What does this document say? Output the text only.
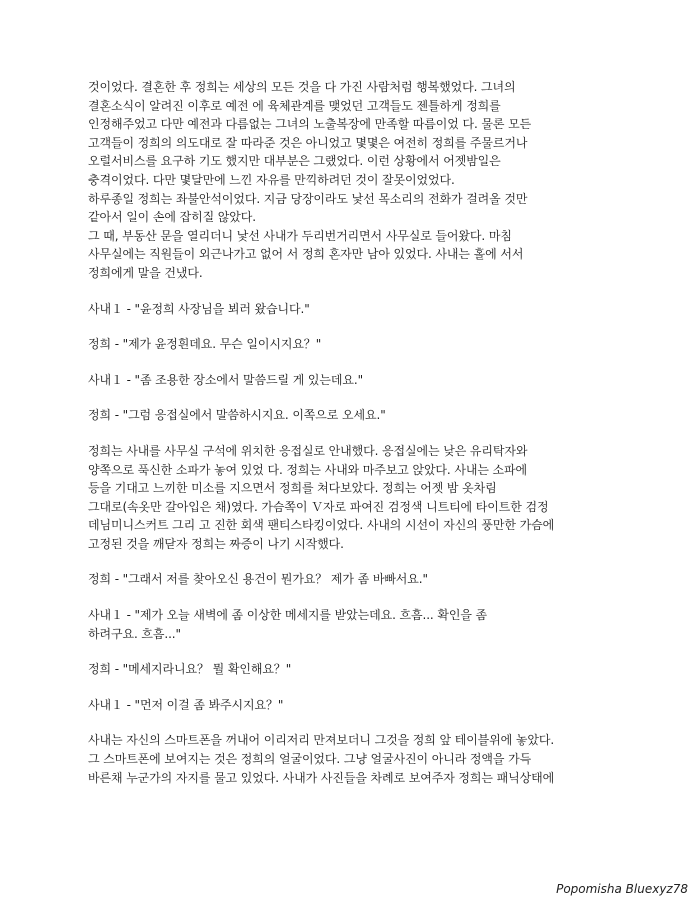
것이었다. 결혼한 후 정희는 세상의 모든 것을 다 가진 사람처럼 행복했었다. 그녀의
결혼소식이 알려진 이후로 예전 에 육체관계를 맺었던 고객들도 젠틀하게 정희를
인정해주었고 다만 예전과 다름없는 그녀의 노출복장에 만족할 따름이었 다. 물론 모든
고객들이 정희의 의도대로 잘 따라준 것은 아니었고 몇몇은 여전히 정희를 주물르거나
오럴서비스를 요구하 기도 했지만 대부분은 그랬었다. 이런 상황에서 어젯밤일은
충격이었다. 다만 몇달만에 느낀 자유를 만끽하려던 것이 잘못이었었다.
하루종일 정희는 좌불안석이었다. 지금 당장이라도 낯선 목소리의 전화가 걸려올 것만
같아서 일이 손에 잡히질 않았다.
그 때, 부동산 문을 열리더니 낯선 사내가 두리번거리면서 사무실로 들어왔다. 마침
사무실에는 직원들이 외근나가고 없어 서 정희 혼자만 남아 있었다. 사내는 홀에 서서
정희에게 말을 건냈다.
사내１ - "윤정희 사장님을 뵈러 왔습니다."
정희 - "제가 윤정흰데요. 무슨 일이시지요？"
사내１ - "좀 조용한 장소에서 말씀드릴 게 있는데요."
정희 - "그럼 응접실에서 말씀하시지요. 이쪽으로 오세요."
정희는 사내를 사무실 구석에 위치한 응접실로 안내했다. 응접실에는 낮은 유리탁자와
양쪽으로 푹신한 소파가 놓여 있었 다. 정희는 사내와 마주보고 앉았다. 사내는 소파에
등을 기대고 느끼한 미소를 지으면서 정희를 쳐다보았다. 정희는 어젯 밤 옷차림
그대로(속옷만 갈아입은 채)였다. 가슴쪽이 Ｖ자로 파여진 검정색 니트티에 타이트한 검정
데님미니스커트 그리 고 진한 회색 팬티스타킹이었다. 사내의 시선이 자신의 풍만한 가슴에
고정된 것을 깨닫자 정희는 짜증이 나기 시작했다.
정희 - "그래서 저를 찾아오신 용건이 뭔가요？ 제가 좀 바빠서요."
사내１ - "제가 오늘 새벽에 좀 이상한 메세지를 받았는데요. 흐흠... 확인을 좀
하려구요. 흐흠..."
정희 - "메세지라니요？ 뭘 확인해요？"
사내１ - "먼저 이걸 좀 봐주시지요？"
사내는 자신의 스마트폰을 꺼내어 이리저리 만져보더니 그것을 정희 앞 테이블위에 놓았다.
그 스마트폰에 보여지는 것은 정희의 얼굴이었다. 그냥 얼굴사진이 아니라 정액을 가득
바른채 누군가의 자지를 물고 있었다. 사내가 사진들을 차례로 보여주자 정희는 패닉상태에
Popomisha Bluexyz78
